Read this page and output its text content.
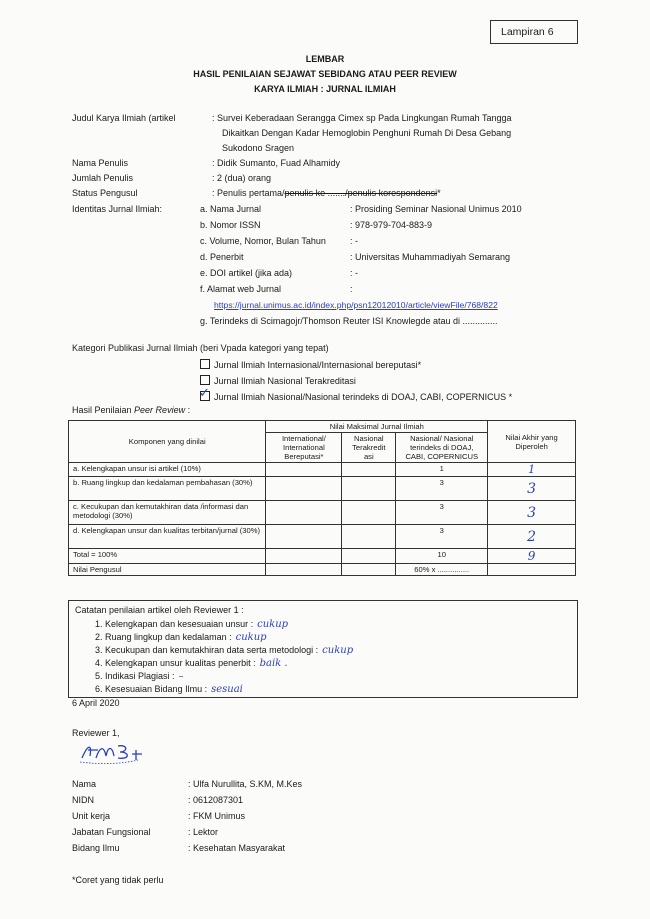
Lampiran 6
LEMBAR
HASIL PENILAIAN SEJAWAT SEBIDANG ATAU PEER REVIEW
KARYA ILMIAH : JURNAL ILMIAH
Judul Karya Ilmiah (artikel	: Survei Keberadaan Serangga Cimex sp Pada Lingkungan Rumah Tangga
Dikaitkan Dengan Kadar Hemoglobin Penghuni Rumah Di Desa Gebang
Sukodono Sragen
Nama Penulis	: Didik Sumanto, Fuad Alhamidy
Jumlah Penulis	: 2 (dua) orang
Status Pengusul	: Penulis pertama/penulis ke ......./penulis korespondensi*
Identitas Jurnal Ilmiah:	a. Nama Jurnal	: Prosiding Seminar Nasional Unimus 2010
b. Nomor ISSN	: 978-979-704-883-9
c. Volume, Nomor, Bulan Tahun	: -
d. Penerbit	: Universitas Muhammadiyah Semarang
e. DOI artikel (jika ada)	: -
f. Alamat web Jurnal	:
https://jurnal.unimus.ac.id/index.php/psn12012010/article/viewFile/768/822
g. Terindeks di Scimagojr/Thomson Reuter ISI Knowlegde atau di ..............
Kategori Publikasi Jurnal Ilmiah (beri Vpada kategori yang tepat)
Jurnal Ilmiah Internasional/Internasional bereputasi*
Jurnal Ilmiah Nasional Terakreditasi
✓Jurnal Ilmiah Nasional/Nasional terindeks di DOAJ, CABI, COPERNICUS *
Hasil Penilaian Peer Review :
Komponen yang dinilai	Nilai Maksimal Jurnal Ilmiah			Nilai Akhir yang Diperoleh
	International/ International Bereputasi*	Nasional Terakredit asi	Nasional/ Nasional terindeks di DOAJ, CABI, COPERNICUS	
a. Kelengkapan unsur isi artikel (10%)			1	1
b. Ruang lingkup dan kedalaman pembahasan (30%)			3	3
c. Kecukupan dan kemutakhiran data /informasi dan metodologi (30%)			3	3
d. Kelengkapan unsur dan kualitas terbitan/jurnal (30%)			3	2
Total = 100%			10	9
Nilai Pengusul			60% x ...............	
Catatan penilaian artikel oleh Reviewer 1 :
1. Kelengkapan dan kesesuaian unsur : cukup
2. Ruang lingkup dan kedalaman : cukup
3. Kecukupan dan kemutakhiran data serta metodologi : cukup
4. Kelengkapan unsur kualitas penerbit : baik .
5. Indikasi Plagiasi : –
6. Kesesuaian Bidang Ilmu : sesuai
6 April 2020
Reviewer 1,
Nama	: Ulfa Nurullita, S.KM, M.Kes
NIDN	: 0612087301
Unit kerja	: FKM Unimus
Jabatan Fungsional	: Lektor
Bidang Ilmu	: Kesehatan Masyarakat
*Coret yang tidak perlu
